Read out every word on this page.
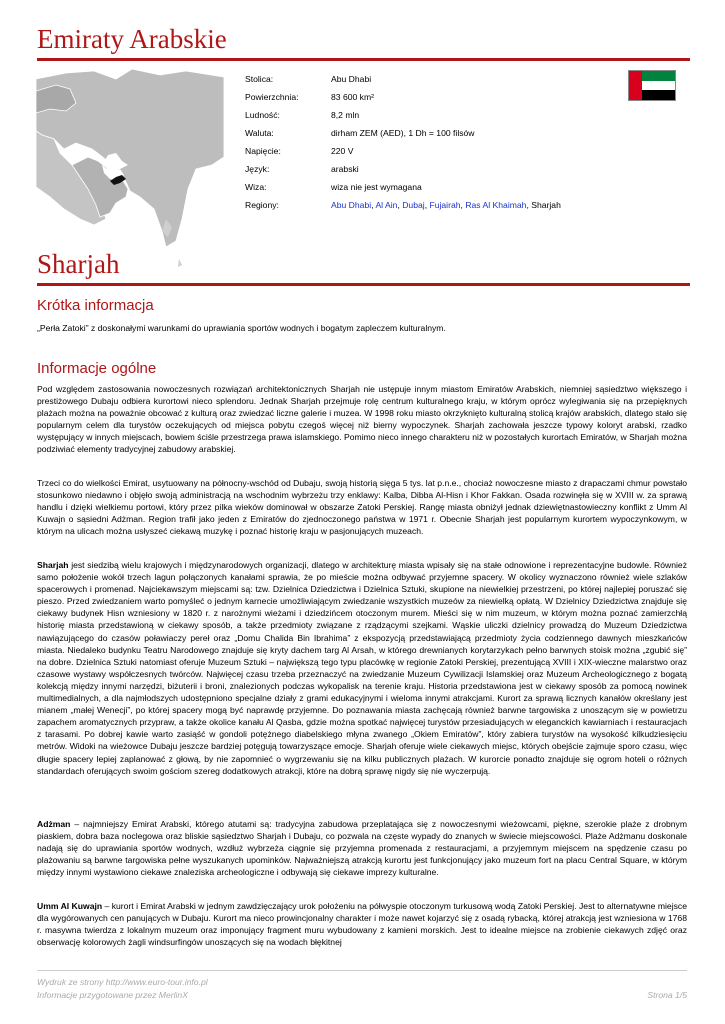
Emiraty Arabskie
Stolica:	Abu Dhabi
Powierzchnia:	83 600 km²
Ludność:	8,2 mln
Waluta:	dirham ZEM (AED), 1 Dh = 100 filsów
Napięcie:	220 V
Język:	arabski
Wiza:	wiza nie jest wymagana
Regiony:	Abu Dhabi, Al Ain, Dubaj, Fujairah, Ras Al Khaimah, Sharjah
Sharjah
Krótka informacja
„Perła Zatoki” z doskonałymi warunkami do uprawiania sportów wodnych i bogatym zapleczem kulturalnym.
Informacje ogólne
Pod względem zastosowania nowoczesnych rozwiązań architektonicznych Sharjah nie ustępuje innym miastom Emiratów Arabskich, niemniej sąsiedztwo większego i prestiżowego Dubaju odbiera kurortowi nieco splendoru. Jednak Sharjah przejmuje rolę centrum kulturalnego kraju, w którym oprócz wylegiwania się na przepięknych plażach można na poważnie obcować z kulturą oraz zwiedzać liczne galerie i muzea. W 1998 roku miasto okrzyknięto kulturalną stolicą krajów arabskich, dlatego stało się popularnym celem dla turystów oczekujących od miejsca pobytu czegoś więcej niż bierny wypoczynek. Sharjah zachowała jeszcze typowy koloryt arabski, rzadko występujący w innych miejscach, bowiem ściśle przestrzega prawa islamskiego. Pomimo nieco innego charakteru niż w pozostałych kurortach Emiratów, w Sharjah można podziwiać elementy tradycyjnej zabudowy arabskiej.
Trzeci co do wielkości Emirat, usytuowany na północny-wschód od Dubaju, swoją historią sięga 5 tys. lat p.n.e., chociaż nowoczesne miasto z drapaczami chmur powstało stosunkowo niedawno i objęło swoją administracją na wschodnim wybrzeżu trzy enklawy: Kalba, Dibba Al-Hisn i Khor Fakkan. Osada rozwinęła się w XVIII w. za sprawą handlu i dzięki wielkiemu portowi, który przez pilka wieków dominował w obszarze Zatoki Perskiej. Rangę miasta obniżył jednak dziewiętnastowieczny konflikt z Umm Al Kuwajn o sąsiedni Adżman. Region trafił jako jeden z Emiratów do zjednoczonego państwa w 1971 r. Obecnie Sharjah jest popularnym kurortem wypoczynkowym, w którym na ulicach można usłyszeć ciekawą muzykę i poznać historię kraju w pasjonujących muzeach.
Sharjah jest siedzibą wielu krajowych i międzynarodowych organizacji, dlatego w architekturę miasta wpisały się na stałe odnowione i reprezentacyjne budowle. Również samo położenie wokół trzech lagun połączonych kanałami sprawia, że po mieście można odbywać przyjemne spacery. W okolicy wyznaczono również wiele szlaków spacerowych i promenad. Najciekawszym miejscami są: tzw. Dzielnica Dziedzictwa i Dzielnica Sztuki, skupione na niewielkiej przestrzeni, po której najlepiej poruszać się pieszo. Przed zwiedzaniem warto pomyśleć o jednym karnecie umożliwiającym zwiedzanie wszystkich muzeów za niewielką opłatą. W Dzielnicy Dziedzictwa znajduje się ciekawy budynek Hisn wzniesiony w 1820 r. z narożnymi wieżami i dziedzińcem otoczonym murem. Mieści się w nim muzeum, w którym można poznać zamierzchłą historię miasta przedstawioną w ciekawy sposób, a także przedmioty związane z rządzącymi szejkami. Wąskie uliczki dzielnicy prowadzą do Muzeum Dziedzictwa nawiązującego do czasów poławiaczy pereł oraz „Domu Chalida Bin Ibrahima” z ekspozycją przedstawiającą przedmioty życia codziennego dawnych mieszkańców miasta. Niedaleko budynku Teatru Narodowego znajduje się kryty dachem targ Al Arsah, w którego drewnianych korytarzykach pełno barwnych stoisk można „zgubić się” na dobre. Dzielnica Sztuki natomiast oferuje Muzeum Sztuki – największą tego typu placówkę w regionie Zatoki Perskiej, prezentującą XVIII i XIX-wieczne malarstwo oraz czasowe wystawy współczesnych twórców. Najwięcej czasu trzeba przeznaczyć na zwiedzanie Muzeum Cywilizacji Islamskiej oraz Muzeum Archeologicznego z bogatą kolekcją między innymi narzędzi, biżuterii i broni, znalezionych podczas wykopalisk na terenie kraju. Historia przedstawiona jest w ciekawy sposób za pomocą nowinek multimedialnych, a dla najmłodszych udostępniono specjalne działy z grami edukacyjnymi i wieloma innymi atrakcjami. Kurort za sprawą licznych kanałów określany jest mianem „małej Wenecji”, po której spacery mogą być naprawdę przyjemne. Do poznawania miasta zachęcają również barwne targowiska z unoszącym się w powietrzu zapachem aromatycznych przypraw, a także okolice kanału Al Qasba, gdzie można spotkać najwięcej turystów przesiadujących w eleganckich kawiarniach i restauracjach z tarasami. Po dobrej kawie warto zasiąść w gondoli potężnego diabelskiego młyna zwanego „Okiem Emiratów”, który zabiera turystów na wysokość kilkudziesięciu metrów. Widoki na wieżowce Dubaju jeszcze bardziej potęgują towarzyszące emocje. Sharjah oferuje wiele ciekawych miejsc, których obejście zajmuje sporo czasu, więc długie spacery lepiej zaplanować z głową, by nie zapomnieć o wygrzewaniu się na kilku publicznych plażach. W kurorcie ponadto znajduje się ogrom hoteli o różnych standardach oferujących swoim gościom szereg dodatkowych atrakcji, które na dobrą sprawę nigdy się nie wyczerpują.
Adżman – najmniejszy Emirat Arabski, którego atutami są: tradycyjna zabudowa przeplatająca się z nowoczesnymi wieżowcami, piękne, szerokie plaże z drobnym piaskiem, dobra baza noclegowa oraz bliskie sąsiedztwo Sharjah i Dubaju, co pozwala na częste wypady do znanych w świecie miejscowości. Plaże Adżmanu doskonale nadają się do uprawiania sportów wodnych, wzdłuż wybrzeża ciągnie się przyjemna promenada z restauracjami, a przyjemnym miejscem na spędzenie czasu po plażowaniu są barwne targowiska pełne wyszukanych upominków. Najważniejszą atrakcją kurortu jest funkcjonujący jako muzeum fort na placu Central Square, w którym między innymi wystawiono ciekawe znaleziska archeologiczne i odbywają się ciekawe imprezy kulturalne.
Umm Al Kuwajn – kurort i Emirat Arabski w jednym zawdzięczający urok położeniu na półwyspie otoczonym turkusową wodą Zatoki Perskiej. Jest to alternatywne miejsce dla wygórowanych cen panujących w Dubaju. Kurort ma nieco prowincjonalny charakter i może nawet kojarzyć się z osadą rybacką, której atrakcją jest wzniesiona w 1768 r. masywna twierdza z lokalnym muzeum oraz imponujący fragment muru wybudowany z kamieni morskich. Jest to idealne miejsce na zrobienie ciekawych zdjęć oraz obserwację kolorowych żagli windsurfingów unoszących się na wodach błękitnej
Wydruk ze strony http://www.euro-tour.info.pl
Informacje przygotowane przez MerlinX	Strona 1/5
